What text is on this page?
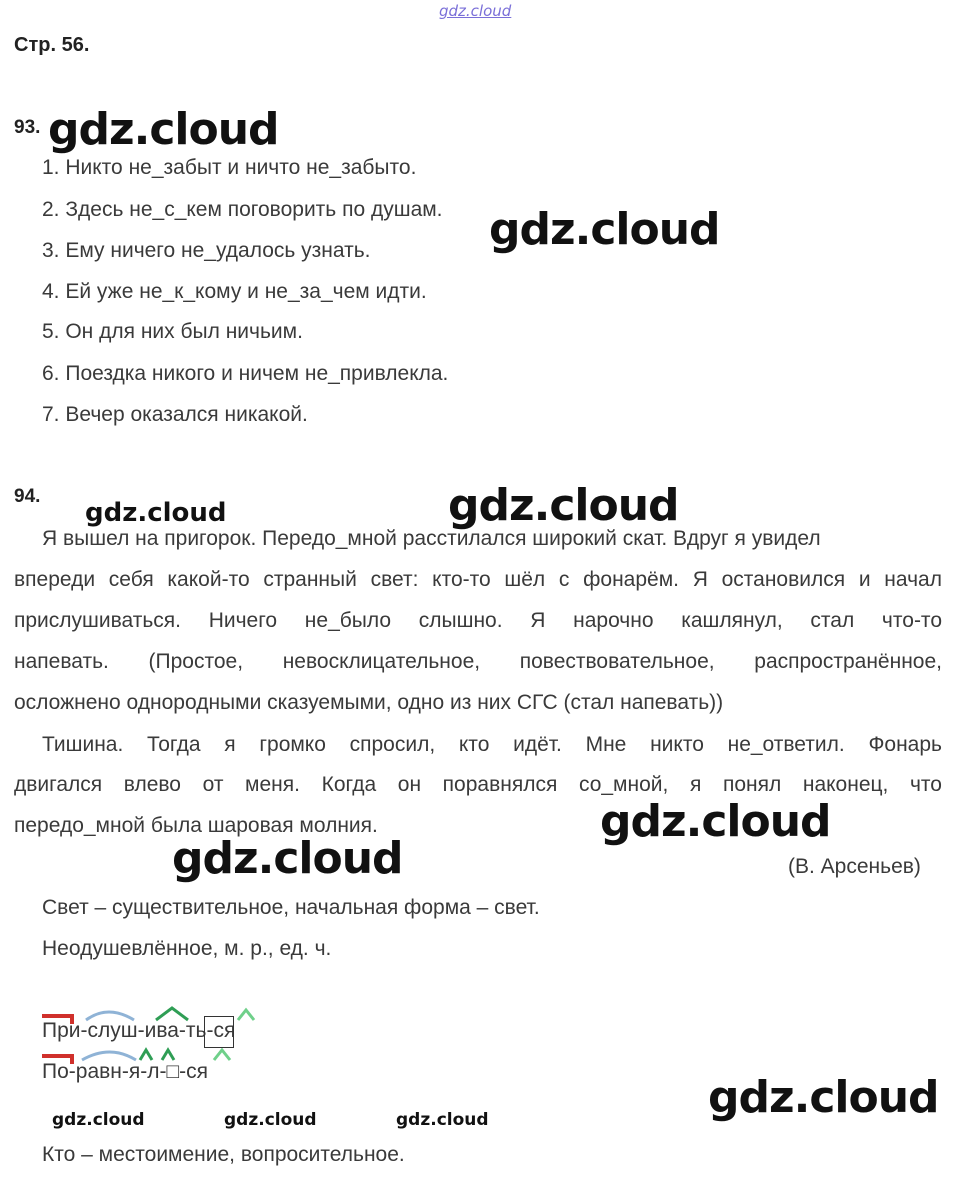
gdz.cloud
gdz.cloud
gdz.cloud
gdz.cloud	gdz.cloud
gdz.cloud
gdz.cloud
gdz.cloud
gdz.cloud	gdz.cloud	gdz.cloud
Стр. 56.
93.
1. Никто не_забыт и ничто не_забыто.
2. Здесь не_с_кем поговорить по душам.
3. Ему ничего не_удалось узнать.
4. Ей уже не_к_кому и не_за_чем идти.
5. Он для них был ничьим.
6. Поездка никого и ничем не_привлекла.
7. Вечер оказался никакой.
94.
Я вышел на пригорок. Передо_мной расстилался широкий скат. Вдруг я увидел
впереди себя какой-то странный свет: кто-то шёл с фонарём. Я остановился и начал
прислушиваться. Ничего не_было слышно. Я нарочно кашлянул, стал что-то
напевать. (Простое, невосклицательное, повествовательное, распространённое,
осложнено однородными сказуемыми, одно из них СГС (стал напевать))
Тишина. Тогда я громко спросил, кто идёт. Мне никто не_ответил. Фонарь
двигался влево от меня. Когда он поравнялся со_мной, я понял наконец, что
передо_мной была шаровая молния.
(В. Арсеньев)
Свет – существительное, начальная форма – свет.
Неодушевлённое, м. р., ед. ч.
При-слуш-ива-ть-ся
По-равн-я-л-□-ся
Кто – местоимение, вопросительное.
